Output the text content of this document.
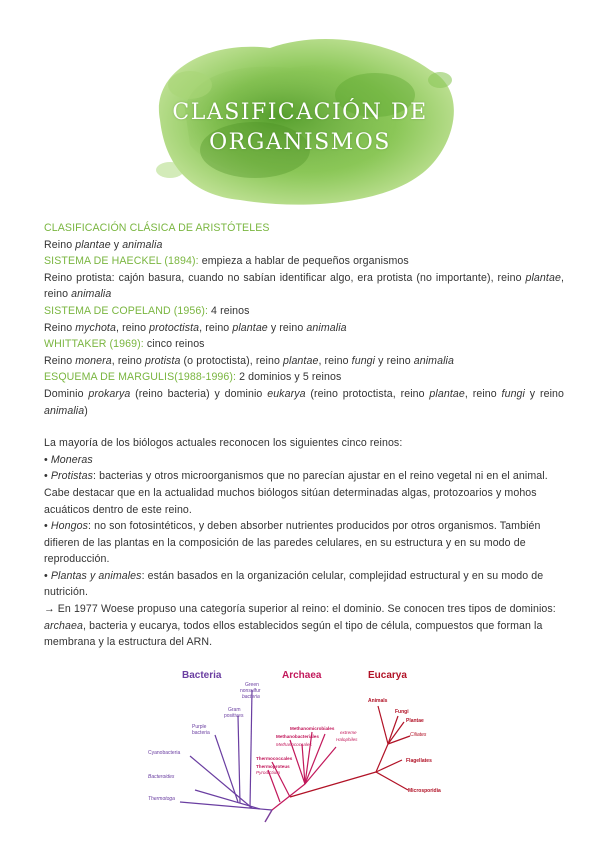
CLASIFICACIÓN DE
ORGANISMOS

CLASIFICACIÓN CLÁSICA DE ARISTÓTELES

Reino plantae y animalia

SISTEMA DE HAECKEL (1894): empieza a hablar de pequeños organismos

Reino protista: cajón basura, cuando no sabían identificar algo, era protista (no importante), reino plantae, reino animalia

SISTEMA DE COPELAND (1956): 4 reinos

Reino mychota, reino protoctista, reino plantae y reino animalia

WHITTAKER (1969): cinco reinos

Reino monera, reino protista (o protoctista), reino plantae, reino fungi y reino animalia

ESQUEMA DE MARGULIS(1988-1996): 2 dominios y 5 reinos

Dominio prokarya (reino bacteria) y dominio eukarya (reino protoctista, reino plantae, reino fungi y reino animalia)

La mayoría de los biólogos actuales reconocen los siguientes cinco reinos:

• Moneras

• Protistas: bacterias y otros microorganismos que no parecían ajustar en el reino vegetal ni en el animal. Cabe destacar que en la actualidad muchos biólogos sitúan determinadas algas, protozoarios y mohos acuáticos dentro de este reino.

• Hongos: no son fotosintéticos, y deben absorber nutrientes producidos por otros organismos. También difieren de las plantas en la composición de las paredes celulares, en su estructura y en su modo de reproducción.

• Plantas y animales: están basados en la organización celular, complejidad estructural y en su modo de nutrición.

→ En 1977 Woese propuso una categoría superior al reino: el dominio. Se conocen tres tipos de dominios: archaea, bacteria y eucarya, todos ellos establecidos según el tipo de célula, compuestos que forman la membrana y la estructura del ARN.

Bacteria	Archaea	Eucarya
Green
nonsulfur
bacteria
Gram
positives
Purple
bacteria
Cyanobacteria
Bacteroides
Thermotoga
Methanomicrobiales
Methanobacteriales
Methanococcales
Thermococcales
Thermoproteus
Pyrodictium
extreme
Halophiles
Animals
Fungi
Plantae
Ciliates
Flagellates
Microsporidia
